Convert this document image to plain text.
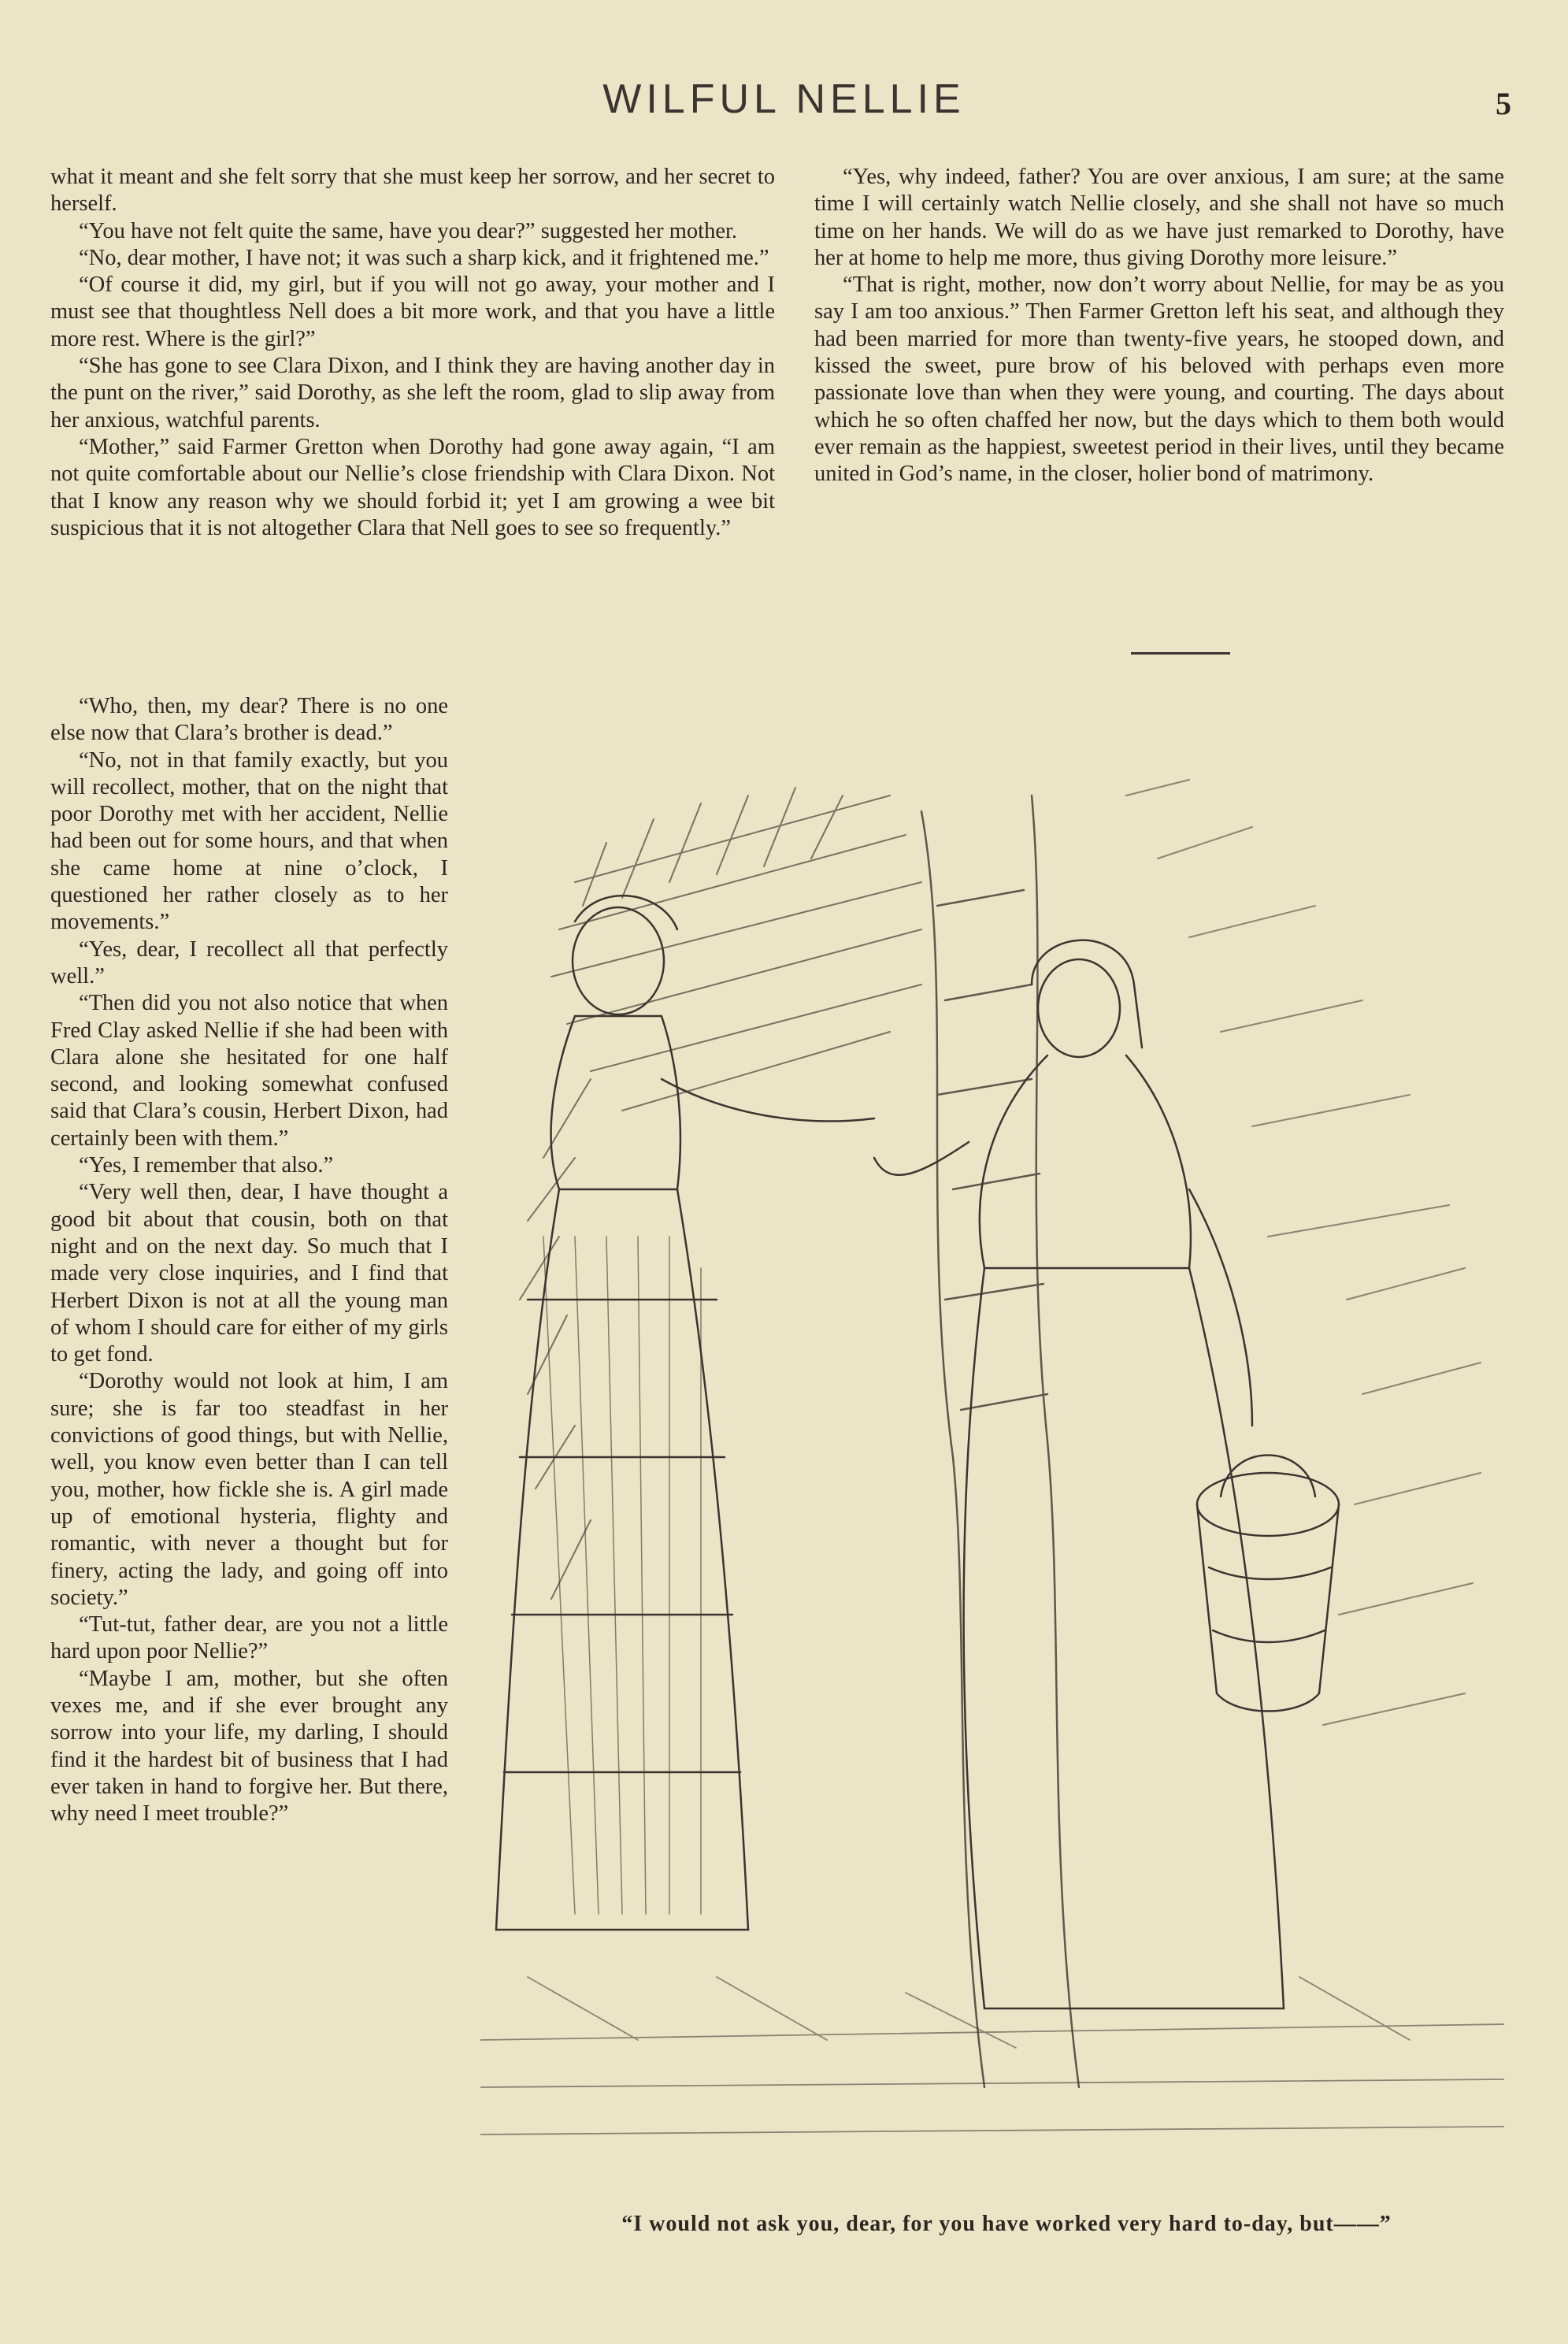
WILFUL NELLIE	5

what it meant and she felt sorry that she must keep her sorrow, and her secret to herself.

“You have not felt quite the same, have you dear?” suggested her mother.

“No, dear mother, I have not; it was such a sharp kick, and it frightened me.”

“Of course it did, my girl, but if you will not go away, your mother and I must see that thoughtless Nell does a bit more work, and that you have a little more rest. Where is the girl?”

“She has gone to see Clara Dixon, and I think they are having another day in the punt on the river,” said Dorothy, as she left the room, glad to slip away from her anxious, watchful parents.

“Mother,” said Farmer Gretton when Dorothy had gone away again, “I am not quite comfortable about our Nellie’s close friendship with Clara Dixon. Not that I know any reason why we should forbid it; yet I am growing a wee bit suspicious that it is not altogether Clara that Nell goes to see so frequently.”

“Who, then, my dear? There is no one else now that Clara’s brother is dead.”

“No, not in that family exactly, but you will recollect, mother, that on the night that poor Dorothy met with her accident, Nellie had been out for some hours, and that when she came home at nine o’clock, I questioned her rather closely as to her movements.”

“Yes, dear, I recollect all that perfectly well.”

“Then did you not also notice that when Fred Clay asked Nellie if she had been with Clara alone she hesitated for one half second, and looking somewhat confused said that Clara’s cousin, Herbert Dixon, had certainly been with them.”

“Yes, I remember that also.”

“Very well then, dear, I have thought a good bit about that cousin, both on that night and on the next day. So much that I made very close inquiries, and I find that Herbert Dixon is not at all the young man of whom I should care for either of my girls to get fond.

“Dorothy would not look at him, I am sure; she is far too steadfast in her convictions of good things, but with Nellie, well, you know even better than I can tell you, mother, how fickle she is. A girl made up of emotional hysteria, flighty and romantic, with never a thought but for finery, acting the lady, and going off into society.”

“Tut-tut, father dear, are you not a little hard upon poor Nellie?”

“Maybe I am, mother, but she often vexes me, and if she ever brought any sorrow into your life, my darling, I should find it the hardest bit of business that I had ever taken in hand to forgive her. But there, why need I meet trouble?”

“Yes, why indeed, father? You are over anxious, I am sure; at the same time I will certainly watch Nellie closely, and she shall not have so much time on her hands. We will do as we have just remarked to Dorothy, have her at home to help me more, thus giving Dorothy more leisure.”

“That is right, mother, now don’t worry about Nellie, for may be as you say I am too anxious.” Then Farmer Gretton left his seat, and although they had been married for more than twenty-five years, he stooped down, and kissed the sweet, pure brow of his beloved with perhaps even more passionate love than when they were young, and courting. The days about which he so often chaffed her now, but the days which to them both would ever remain as the happiest, sweetest period in their lives, until they became united in God’s name, in the closer, holier bond of matrimony.

“I would not ask you, dear, for you have worked very hard to-day, but——”
